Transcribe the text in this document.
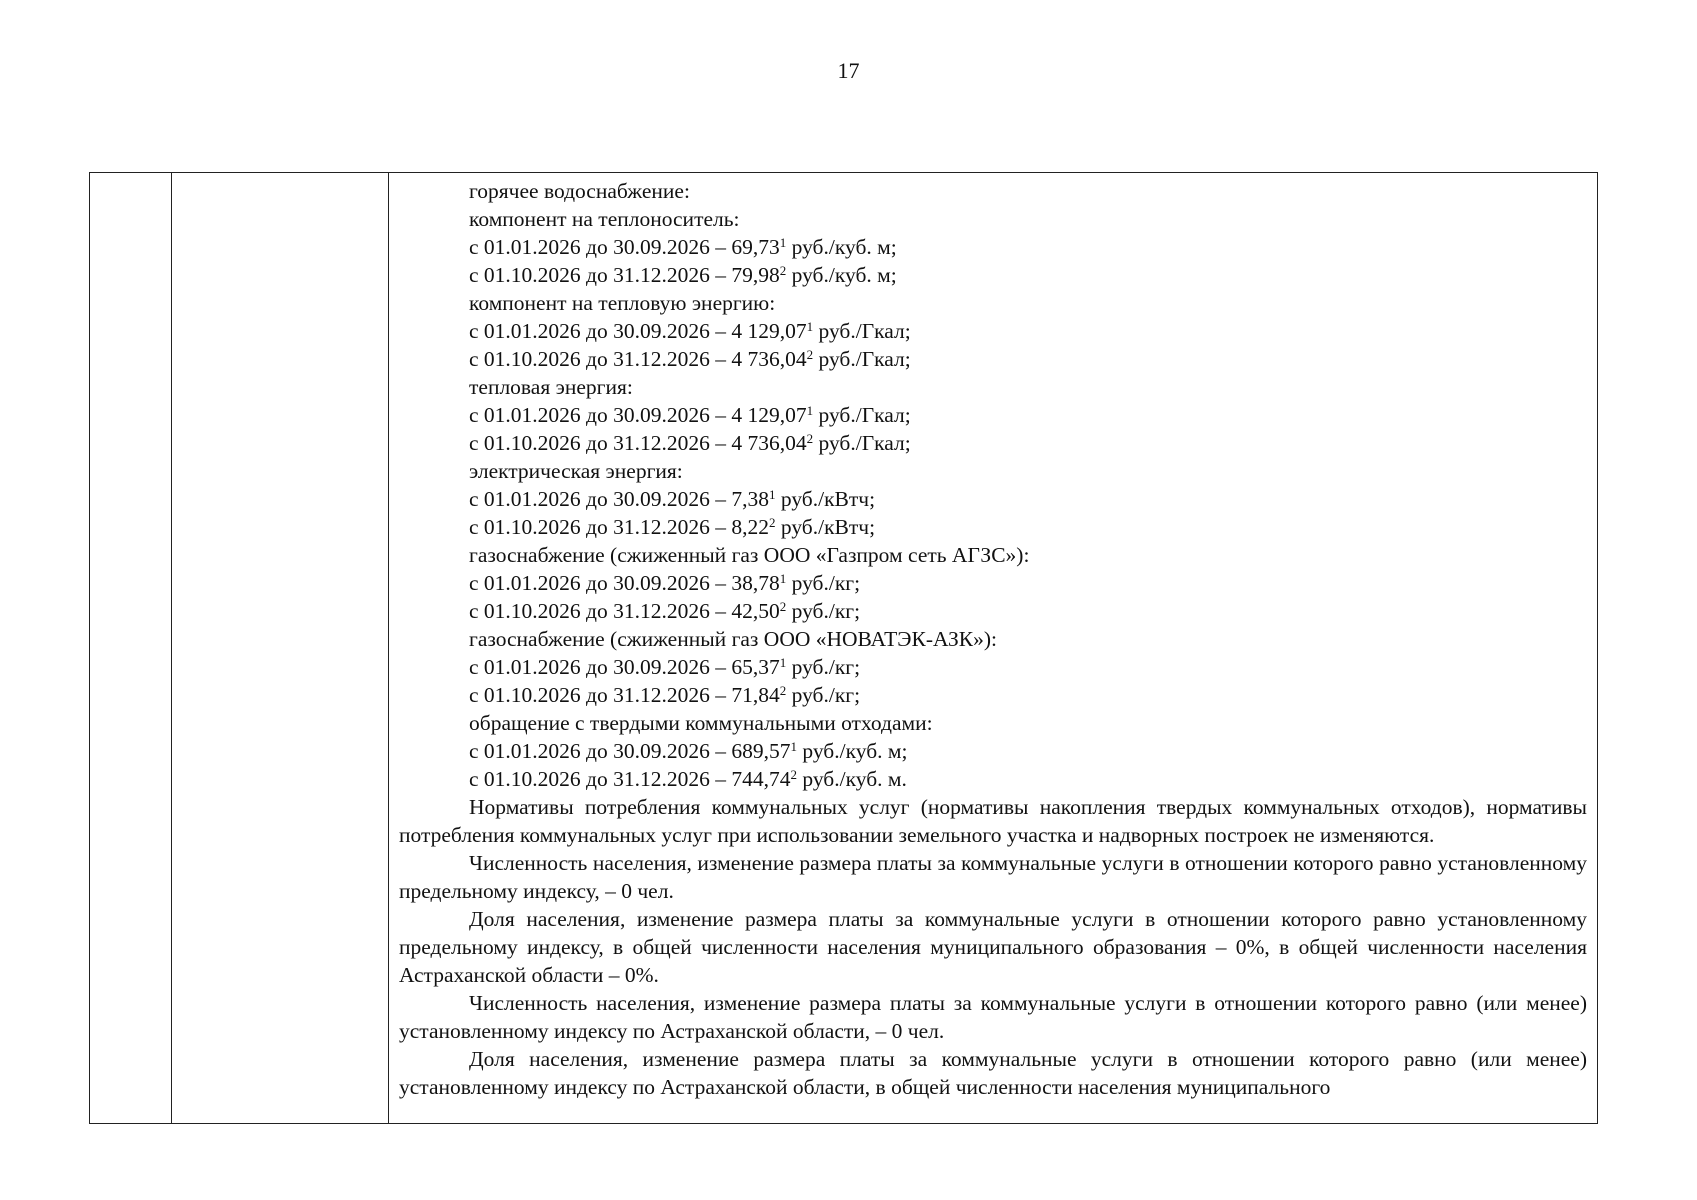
17
горячее водоснабжение:
компонент на теплоноситель:
с 01.01.2026 до 30.09.2026 – 69,73$^1$ руб./куб. м;
с 01.10.2026 до 31.12.2026 – 79,98$^2$ руб./куб. м;
компонент на тепловую энергию:
с 01.01.2026 до 30.09.2026 – 4 129,07$^1$ руб./Гкал;
с 01.10.2026 до 31.12.2026 – 4 736,04$^2$ руб./Гкал;
тепловая энергия:
с 01.01.2026 до 30.09.2026 – 4 129,07$^1$ руб./Гкал;
с 01.10.2026 до 31.12.2026 – 4 736,04$^2$ руб./Гкал;
электрическая энергия:
с 01.01.2026 до 30.09.2026 – 7,38$^1$ руб./кВтч;
с 01.10.2026 до 31.12.2026 – 8,22$^2$ руб./кВтч;
газоснабжение (сжиженный газ ООО «Газпром сеть АГЗС»):
с 01.01.2026 до 30.09.2026 – 38,78$^1$ руб./кг;
с 01.10.2026 до 31.12.2026 – 42,50$^2$ руб./кг;
газоснабжение (сжиженный газ ООО «НОВАТЭК-АЗК»):
с 01.01.2026 до 30.09.2026 – 65,37$^1$ руб./кг;
с 01.10.2026 до 31.12.2026 – 71,84$^2$ руб./кг;
обращение с твердыми коммунальными отходами:
с 01.01.2026 до 30.09.2026 – 689,57$^1$ руб./куб. м;
с 01.10.2026 до 31.12.2026 – 744,74$^2$ руб./куб. м.

Нормативы потребления коммунальных услуг (нормативы накопления твердых коммунальных отходов), нормативы потребления коммунальных услуг при использовании земельного участка и надворных построек не изменяются.

Численность населения, изменение размера платы за коммунальные услуги в отношении которого равно установленному предельному индексу, – 0 чел.

Доля населения, изменение размера платы за коммунальные услуги в отношении которого равно установленному предельному индексу, в общей численности населения муниципального образования – 0%, в общей численности населения Астраханской области – 0%.

Численность населения, изменение размера платы за коммунальные услуги в отношении которого равно (или менее) установленному индексу по Астраханской области, – 0 чел.

Доля населения, изменение размера платы за коммунальные услуги в отношении которого равно (или менее) установленному индексу по Астраханской области, в общей численности населения муниципального
